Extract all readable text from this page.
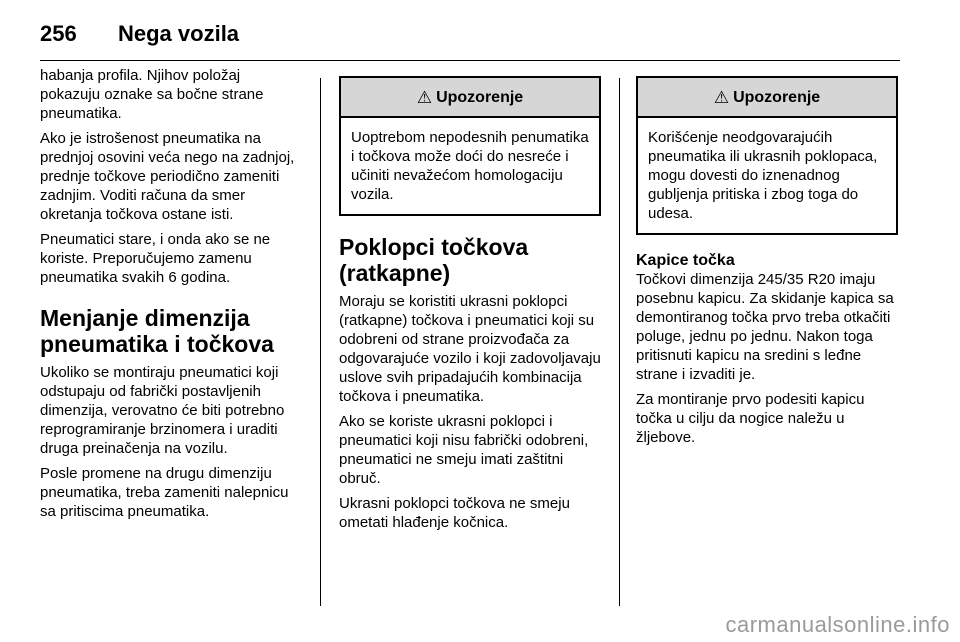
256	Nega vozila

habanja profila. Njihov položaj pokazuju oznake sa bočne strane pneumatika.

Ako je istrošenost pneumatika na prednjoj osovini veća nego na zadnjoj, prednje točkove periodično zameniti zadnjim. Voditi računa da smer okretanja točkova ostane isti.

Pneumatici stare, i onda ako se ne koriste. Preporučujemo zamenu pneumatika svakih 6 godina.

Menjanje dimenzija pneumatika i točkova

Ukoliko se montiraju pneumatici koji odstupaju od fabrički postavljenih dimenzija, verovatno će biti potrebno reprogramiranje brzinomera i uraditi druga preinačenja na vozilu.

Posle promene na drugu dimenziju pneumatika, treba zameniti nalepnicu sa pritiscima pneumatika.

⚠ Upozorenje
Uoptrebom nepodesnih penumatika i točkova može doći do nesreće i učiniti nevažećom homologaciju vozila.
Poklopci točkova (ratkapne)

Moraju se koristiti ukrasni poklopci (ratkapne) točkova i pneumatici koji su odobreni od strane proizvođača za odgovarajuće vozilo i koji zadovoljavaju uslove svih pripadajućih kombinacija točkova i pneumatika.

Ako se koriste ukrasni poklopci i pneumatici koji nisu fabrički odobreni, pneumatici ne smeju imati zaštitni obruč.

Ukrasni poklopci točkova ne smeju ometati hlađenje kočnica.

⚠ Upozorenje
Korišćenje neodgovarajućih pneumatika ili ukrasnih poklopaca, mogu dovesti do iznenadnog gubljenja pritiska i zbog toga do udesa.
Kapice točka

Točkovi dimenzija 245/35 R20 imaju posebnu kapicu. Za skidanje kapica sa demontiranog točka prvo treba otkačiti poluge, jednu po jednu. Nakon toga pritisnuti kapicu na sredini s leđne strane i izvaditi je.

Za montiranje prvo podesiti kapicu točka u cilju da nogice naležu u žljebove.

carmanualsonline.info
